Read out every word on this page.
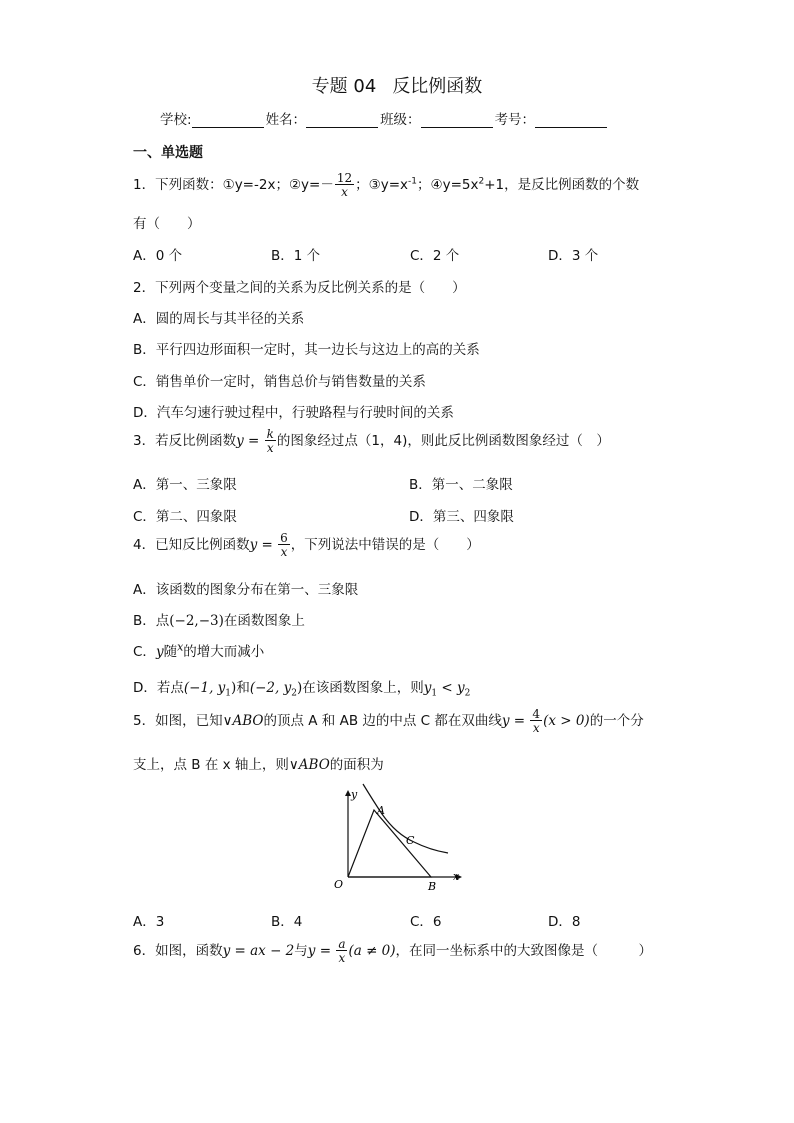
专题 04 反比例函数
学校:	姓名：	班级：	考号：
一、单选题
1．下列函数：①y=-2x；②y=－ $\frac{12}{x}$ ；$③y=x^{-1}$；$④y=5x^2+1$，是反比例函数的个数
有（　　）
A．0 个	B．1 个	C．2 个	D．3 个
2．下列两个变量之间的关系为反比例关系的是（　　）
A．圆的周长与其半径的关系
B．平行四边形面积一定时，其一边长与这边上的高的关系
C．销售单价一定时，销售总价与销售数量的关系
D．汽车匀速行驶过程中，行驶路程与行驶时间的关系
3．若反比例函数$y = \frac{k}{x}$ 的图象经过点（1，4)，则此反比例函数图象经过（　）
A．第一、三象限	B．第一、二象限
C．第二、四象限	D．第三、四象限
4．已知反比例函数$y = \frac{6}{x}$ ，下列说法中错误的是（　　）
A．该函数的图象分布在第一、三象限
B．点(−2,−3)在函数图象上
C．y随$^x$的增大而减小
D．若点(−1, $y_1$)和(−2, $y_2$)在该函数图象上，则$y_1 < y_2$
5．如图，已知∨ABO的顶点 A 和 AB 边的中点 C 都在双曲线$y = \frac{4}{x} (x > 0)$的一个分
支上，点 B 在 x 轴上，则∨ABO的面积为
y
x
O
A
B
C
A．3	B．4	C．6	D．8
6．如图，函数y = ax − 2与$y = \frac{a}{x} (a \ne 0)$，在同一坐标系中的大致图像是（　　　）
